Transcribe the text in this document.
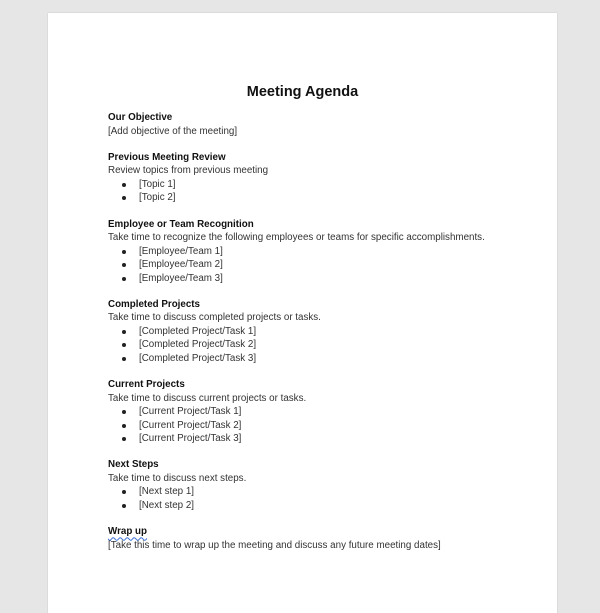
Meeting Agenda
Our Objective
[Add objective of the meeting]
Previous Meeting Review
Review topics from previous meeting
[Topic 1]
[Topic 2]
Employee or Team Recognition
Take time to recognize the following employees or teams for specific accomplishments.
[Employee/Team 1]
[Employee/Team 2]
[Employee/Team 3]
Completed Projects
Take time to discuss completed projects or tasks.
[Completed Project/Task 1]
[Completed Project/Task 2]
[Completed Project/Task 3]
Current Projects
Take time to discuss current projects or tasks.
[Current Project/Task 1]
[Current Project/Task 2]
[Current Project/Task 3]
Next Steps
Take time to discuss next steps.
[Next step 1]
[Next step 2]
Wrap up
[Take this time to wrap up the meeting and discuss any future meeting dates]
